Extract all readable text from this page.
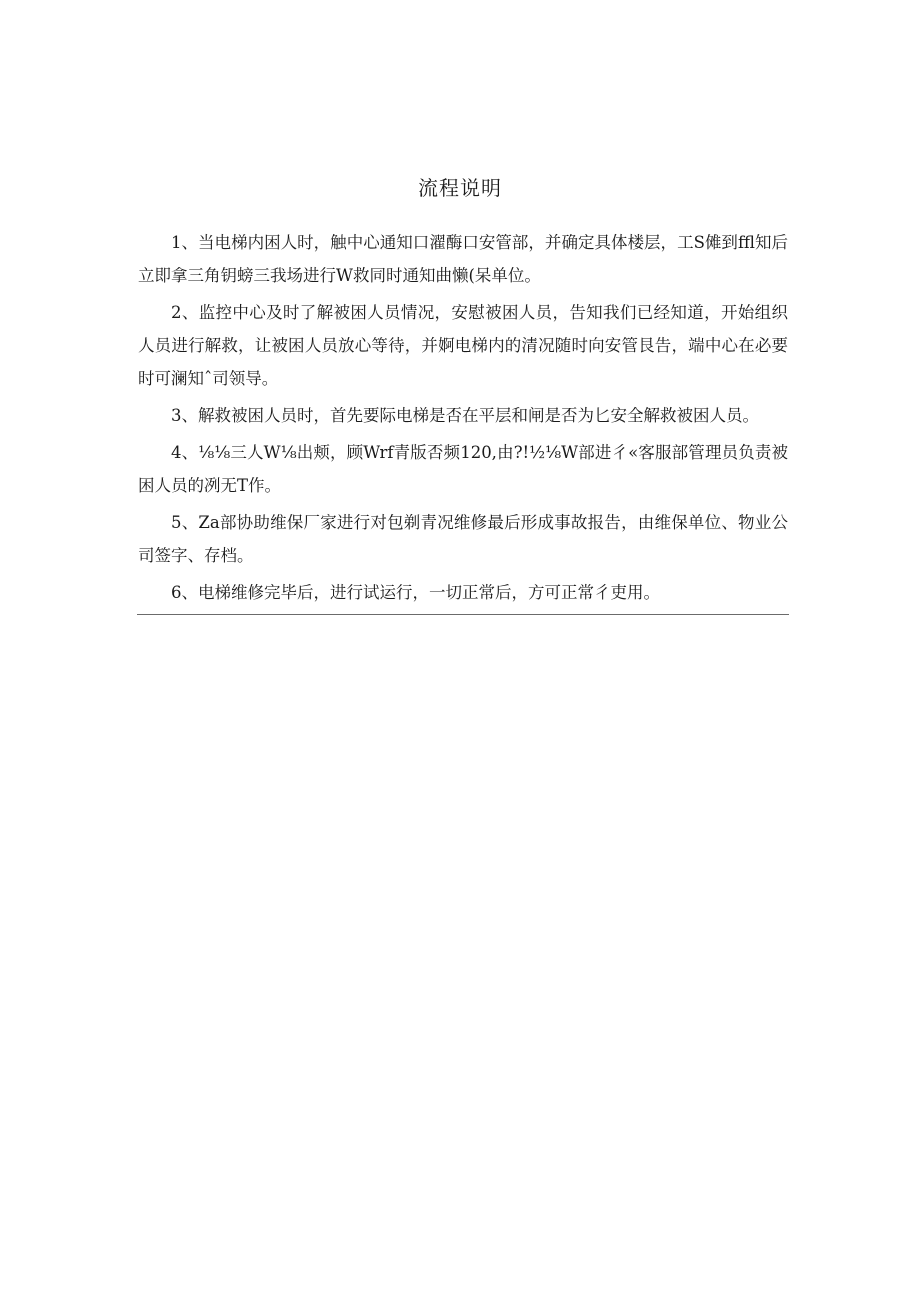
流程说明

1、当电梯内困人时，触中心通知口濯酶口安管部，并确定具体楼层，工S傩到ffl知后立即拿三角钥螃三我场进行W救同时通知曲懒(呆单位。

2、监控中心及时了解被困人员情况，安慰被困人员，告知我们已经知道，开始组织人员进行解救，让被困人员放心等待，并婀电梯内的清况随时向安管艮告，端中心在必要时可澜知ˆ司领导。

3、解救被困人员时，首先要际电梯是否在平层和闸是否为匕安全解救被困人员。

4、⅛⅛三人W⅛出颊，顾Wrf青版否频120,由?!½⅛W部进彳«客服部管理员负责被困人员的冽无T作。

5、Za部协助维保厂家进行对包剃青况维修最后形成事故报告，由维保单位、物业公司签字、存档。

6、电梯维修完毕后，进行试运行，一切正常后，方可正常彳吏用。
